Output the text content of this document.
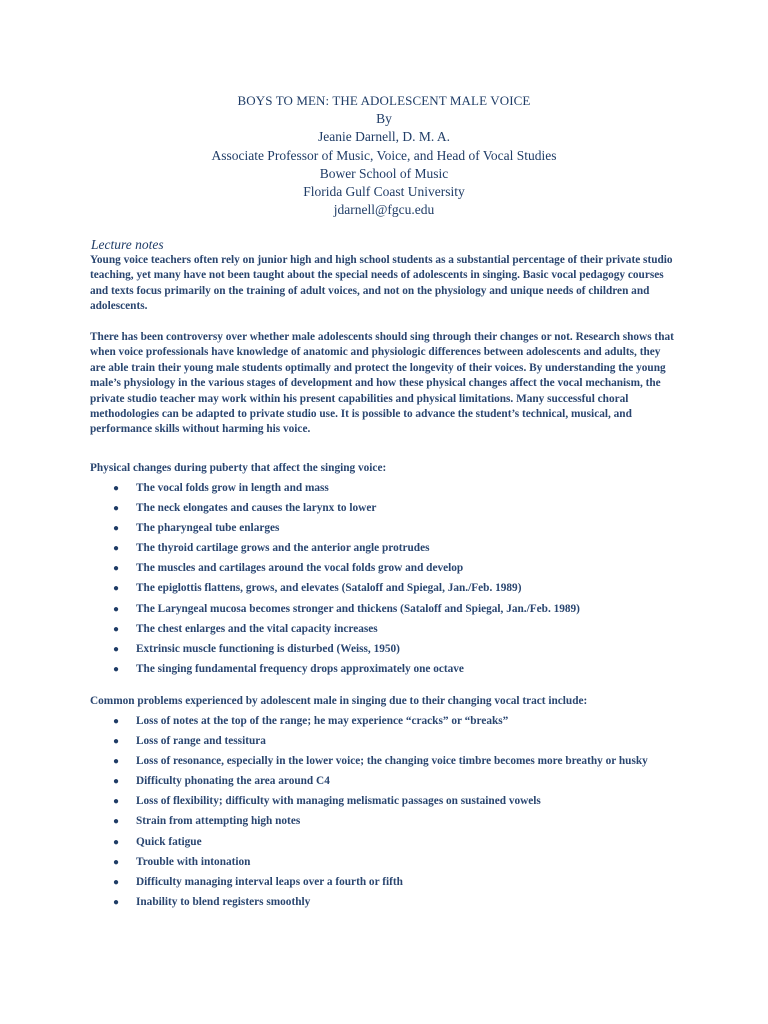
BOYS TO MEN: THE ADOLESCENT MALE VOICE
By
Jeanie Darnell, D. M. A.
Associate Professor of Music, Voice, and Head of Vocal Studies
Bower School of Music
Florida Gulf Coast University
jdarnell@fgcu.edu
Lecture notes

Young voice teachers often rely on junior high and high school students as a substantial percentage of their private studio teaching, yet many have not been taught about the special needs of adolescents in singing. Basic vocal pedagogy courses and texts focus primarily on the training of adult voices, and not on the physiology and unique needs of children and adolescents.

There has been controversy over whether male adolescents should sing through their changes or not. Research shows that when voice professionals have knowledge of anatomic and physiologic differences between adolescents and adults, they are able train their young male students optimally and protect the longevity of their voices. By understanding the young male’s physiology in the various stages of development and how these physical changes affect the vocal mechanism, the private studio teacher may work within his present capabilities and physical limitations. Many successful choral methodologies can be adapted to private studio use. It is possible to advance the student’s technical, musical, and performance skills without harming his voice.

Physical changes during puberty that affect the singing voice:

● The vocal folds grow in length and mass
● The neck elongates and causes the larynx to lower
● The pharyngeal tube enlarges
● The thyroid cartilage grows and the anterior angle protrudes
● The muscles and cartilages around the vocal folds grow and develop
● The epiglottis flattens, grows, and elevates (Sataloff and Spiegal, Jan./Feb. 1989)
● The Laryngeal mucosa becomes stronger and thickens (Sataloff and Spiegal, Jan./Feb. 1989)
● The chest enlarges and the vital capacity increases
● Extrinsic muscle functioning is disturbed (Weiss, 1950)
● The singing fundamental frequency drops approximately one octave

Common problems experienced by adolescent male in singing due to their changing vocal tract include:

● Loss of notes at the top of the range; he may experience “cracks” or “breaks”
● Loss of range and tessitura
● Loss of resonance, especially in the lower voice; the changing voice timbre becomes more breathy or husky
● Difficulty phonating the area around C4
● Loss of flexibility; difficulty with managing melismatic passages on sustained vowels
● Strain from attempting high notes
● Quick fatigue
● Trouble with intonation
● Difficulty managing interval leaps over a fourth or fifth
● Inability to blend registers smoothly
